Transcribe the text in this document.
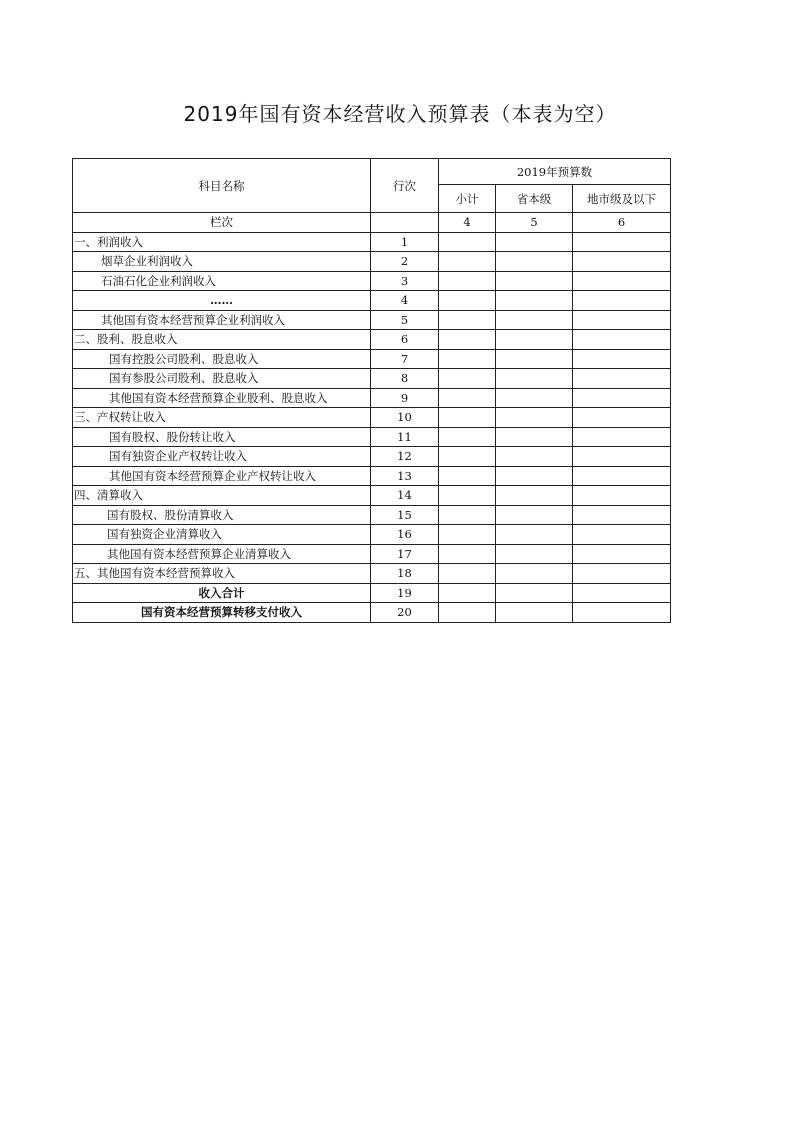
2019年国有资本经营收入预算表（本表为空）
科目名称	行次	2019年预算数		
		小计	省本级	地市级及以下
栏次		4	5	6
一、利润收入	1			
烟草企业利润收入	2			
石油石化企业利润收入	3			
……	4			
其他国有资本经营预算企业利润收入	5			
二、股利、股息收入	6			
国有控股公司股利、股息收入	7			
国有参股公司股利、股息收入	8			
其他国有资本经营预算企业股利、股息收入	9			
三、产权转让收入	10			
国有股权、股份转让收入	11			
国有独资企业产权转让收入	12			
其他国有资本经营预算企业产权转让收入	13			
四、清算收入	14			
国有股权、股份清算收入	15			
国有独资企业清算收入	16			
其他国有资本经营预算企业清算收入	17			
五、其他国有资本经营预算收入	18			
收入合计	19			
国有资本经营预算转移支付收入	20			
